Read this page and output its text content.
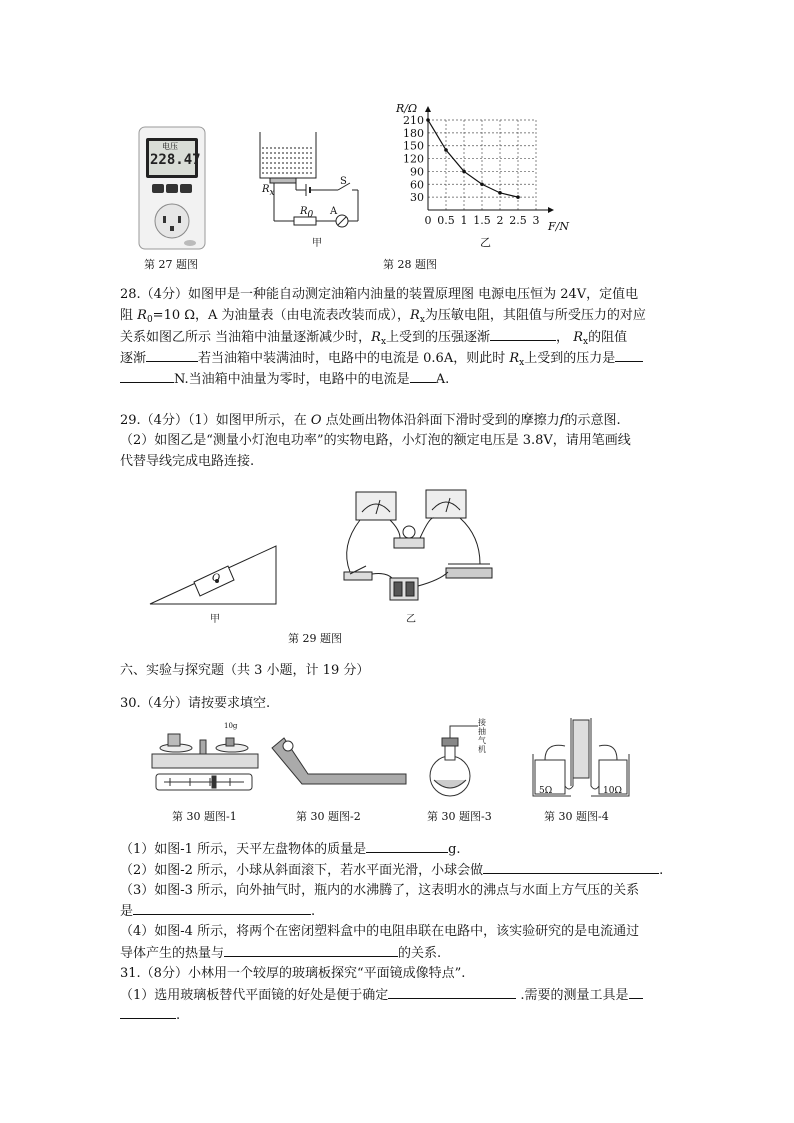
电压
228.47
第 27 题图
Rx
R0
S
A
甲
210
180
150
120
90
60
30
0 0.5 1 1.5 2 2.5 3
R/Ω
F/N
乙
第 28 题图
28.（4分）如图甲是一种能自动测定油箱内油量的装置原理图 电源电压恒为 24V，定值电
阻 $R_0=10$ Ω，A 为油量表（由电流表改装而成），$R_x$为压敏电阻，其阻值与所受压力的对应
关系如图乙所示 当油箱中油量逐渐减少时，$R_x$上受到的压强逐渐	， $R_x$的阻值
逐渐	若当油箱中装满油时，电路中的电流是 0.6A，则此时 $R_x$上受到的压力是
N.当油箱中油量为零时，电路中的电流是 A.
29.（4分）（1）如图甲所示，在 O 点处画出物体沿斜面下滑时受到的摩擦力f的示意图.
（2）如图乙是“测量小灯泡电功率”的实物电路，小灯泡的额定电压是 3.8V，请用笔画线
代替导线完成电路连接.
O
甲	乙
第 29 题图
六、实验与探究题（共 3 小题，计 19 分）
30.（4分）请按要求填空.
10g	接抽气机
5Ω	10Ω
第 30 题图-1	第 30 题图-2	第 30 题图-3	第 30 题图-4
（1）如图-1 所示，天平左盘物体的质量是	g.
（2）如图-2 所示，小球从斜面滚下，若水平面光滑，小球会做	.
（3）如图-3 所示，向外抽气时，瓶内的水沸腾了，这表明水的沸点与水面上方气压的关系
是	.
（4）如图-4 所示，将两个在密闭塑料盒中的电阻串联在电路中，该实验研究的是电流通过
导体产生的热量与	的关系.
31.（8分）小林用一个较厚的玻璃板探究“平面镜成像特点”.
（1）选用玻璃板替代平面镜的好处是便于确定	.需要的测量工具是
.
